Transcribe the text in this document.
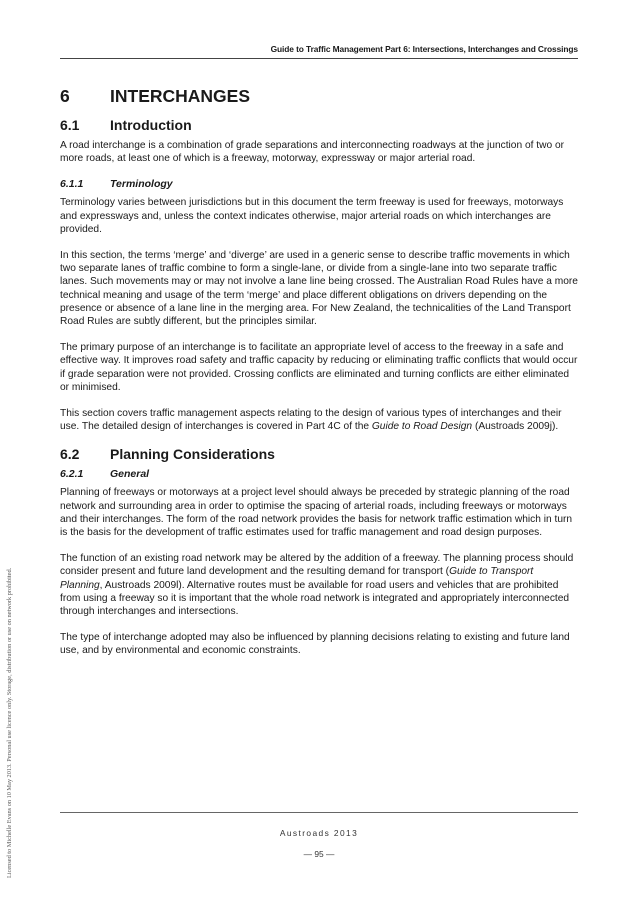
Guide to Traffic Management Part 6: Intersections, Interchanges and Crossings
Licensed to Michelle Evans on 10 May 2013. Personal use licence only. Storage, distribution or use on network prohibited.
6	INTERCHANGES
6.1	Introduction

A road interchange is a combination of grade separations and interconnecting roadways at the junction of two or more roads, at least one of which is a freeway, motorway, expressway or major arterial road.

6.1.1	Terminology

Terminology varies between jurisdictions but in this document the term freeway is used for freeways, motorways and expressways and, unless the context indicates otherwise, major arterial roads on which interchanges are provided.

In this section, the terms ‘merge’ and ‘diverge’ are used in a generic sense to describe traffic movements in which two separate lanes of traffic combine to form a single-lane, or divide from a single-lane into two separate traffic lanes. Such movements may or may not involve a lane line being crossed. The Australian Road Rules have a more technical meaning and usage of the term ‘merge’ and place different obligations on drivers depending on the presence or absence of a lane line in the merging area. For New Zealand, the technicalities of the Land Transport Road Rules are subtly different, but the principles similar.

The primary purpose of an interchange is to facilitate an appropriate level of access to the freeway in a safe and effective way. It improves road safety and traffic capacity by reducing or eliminating traffic conflicts that would occur if grade separation were not provided. Crossing conflicts are eliminated and turning conflicts are either eliminated or minimised.

This section covers traffic management aspects relating to the design of various types of interchanges and their use. The detailed design of interchanges is covered in Part 4C of the Guide to Road Design (Austroads 2009j).

6.2	Planning Considerations
6.2.1	General

Planning of freeways or motorways at a project level should always be preceded by strategic planning of the road network and surrounding area in order to optimise the spacing of arterial roads, including freeways or motorways and their interchanges. The form of the road network provides the basis for network traffic estimation which in turn is the basis for the development of traffic estimates used for traffic management and road design purposes.

The function of an existing road network may be altered by the addition of a freeway. The planning process should consider present and future land development and the resulting demand for transport (Guide to Transport Planning, Austroads 2009l). Alternative routes must be available for road users and vehicles that are prohibited from using a freeway so it is important that the whole road network is integrated and appropriately interconnected through interchanges and intersections.

The type of interchange adopted may also be influenced by planning decisions relating to existing and future land use, and by environmental and economic constraints.

Austroads 2013
— 95 —
